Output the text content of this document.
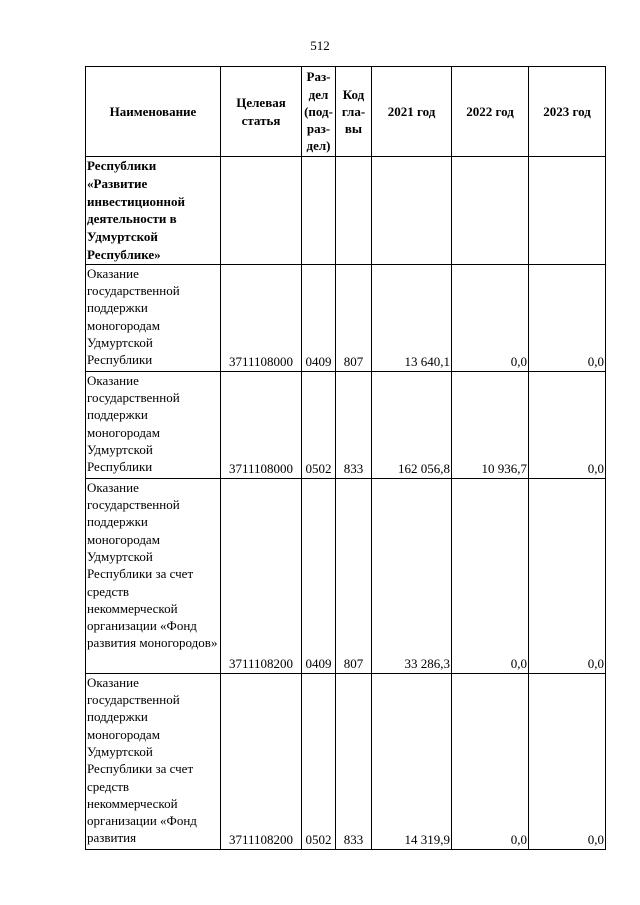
512
Наименование	Целевая статья	Раз-дел (под-раз-дел)	Код гла-вы	2021 год	2022 год	2023 год
Республики «Развитие инвестиционной деятельности в Удмуртской Республике»						
Оказание государственной поддержки моногородам Удмуртской Республики	3711108000	0409	807	13 640,1	0,0	0,0
Оказание государственной поддержки моногородам Удмуртской Республики	3711108000	0502	833	162 056,8	10 936,7	0,0
Оказание государственной поддержки моногородам Удмуртской Республики за счет средств некоммерческой организации «Фонд развития моногородов»	3711108200	0409	807	33 286,3	0,0	0,0
Оказание государственной поддержки моногородам Удмуртской Республики за счет средств некоммерческой организации «Фонд развития	3711108200	0502	833	14 319,9	0,0	0,0
